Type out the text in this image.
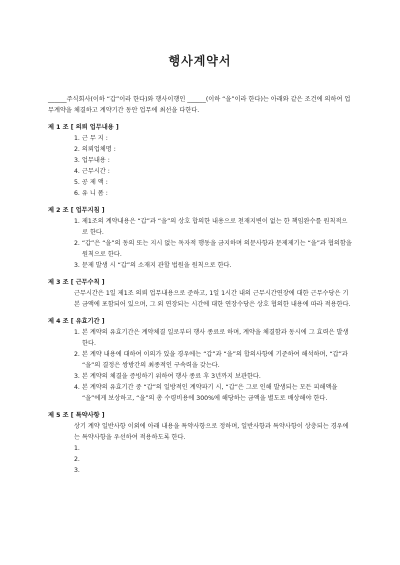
행사계약서
______주식회사(이하 “갑”이라 한다)와 행사이행인 ______(이하 “을”이라 한다)는 아래와 같은 조건에 의하여 업무계약을 체결하고 계약기간 동안 업무에 최선을 다한다.
제 1 조 [ 의뢰 업무내용 ]
1. 근 무 지 :
2. 의뢰업체명 :
3. 업무내용 :
4. 근무시간 :
5. 공 제 액 :
6. 유 니 폼 :
제 2 조 [ 업무지침 ]
1. 제1조의 계약내용은 “갑”과 “을”의 상호 합의한 내용으로 천재지변이 없는 한 책임완수를 원칙적으로 한다.
2. “갑”은 “을”의 동의 또는 지시 없는 독자적 행동을 금지하며 의문사항과 문제제기는 “을”과 협의함을 원칙으로 한다.
3. 문제 발생 시 “갑”의 소재지 관할 법원을 원칙으로 한다.
제 3 조 [ 근무수칙 ]
근무시간은 1일 제1조 의뢰 업무내용으로 준하고, 1일 1시간 내의 근무시간연장에 대한 근무수당은 기본 금액에 포함되어 있으며, 그 외 연장되는 시간에 대한 연장수당은 상호 협의한 내용에 따라 적용한다.
제 4 조 [ 유효기간 ]
1. 본 계약의 유효기간은 계약체결 일로부터 행사 종료로 하며, 계약을 체결함과 동시에 그 효력은 발생한다.
2. 본 계약 내용에 대하여 이의가 있을 경우에는 “갑”과 “을”의 합의사항에 기준하여 해석하며, “갑”과 “을”의 결정은 쌍방간의 최종적인 구속력을 갖는다.
3. 본 계약의 체결을 증빙하기 위하여 행사 종료 후 3년까지 보관한다.
4. 본 계약의 유효기간 중 “갑”의 일방적인 계약파기 시, “갑”은 그로 인해 발생되는 모든 피해액을 “을”에게 보상하고, “을”의 총 수령비용에 300%에 해당하는 금액을 별도로 배상해야 한다.
제 5 조 [ 특약사항 ]
상기 계약 일반사항 이외에 아래 내용을 특약사항으로 정하며, 일반사항과 특약사항이 상충되는 경우에는 특약사항을 우선하여 적용하도록 한다.
1.
2.
3.
